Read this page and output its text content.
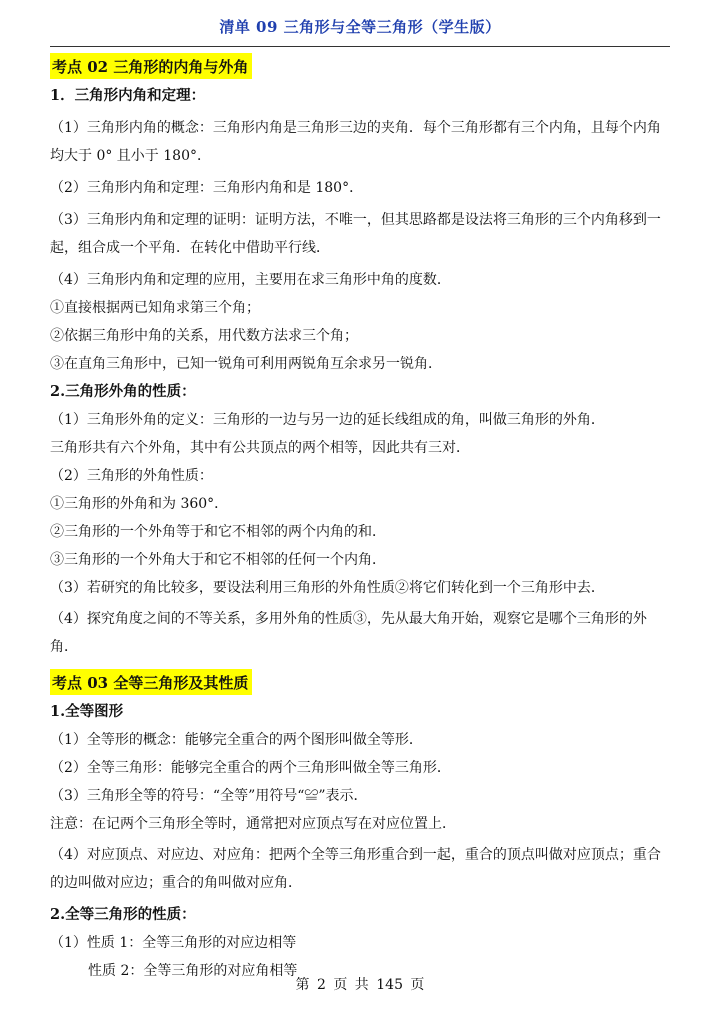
清单 09 三角形与全等三角形（学生版）
考点 02 三角形的内角与外角
1．三角形内角和定理：
（1）三角形内角的概念：三角形内角是三角形三边的夹角．每个三角形都有三个内角，且每个内角均大于 0° 且小于 180°．
（2）三角形内角和定理：三角形内角和是 180°．
（3）三角形内角和定理的证明：证明方法，不唯一，但其思路都是设法将三角形的三个内角移到一起，组合成一个平角．在转化中借助平行线．
（4）三角形内角和定理的应用，主要用在求三角形中角的度数．
①直接根据两已知角求第三个角；
②依据三角形中角的关系，用代数方法求三个角；
③在直角三角形中，已知一锐角可利用两锐角互余求另一锐角．
2.三角形外角的性质：
（1）三角形外角的定义：三角形的一边与另一边的延长线组成的角，叫做三角形的外角．
三角形共有六个外角，其中有公共顶点的两个相等，因此共有三对．
（2）三角形的外角性质：
①三角形的外角和为 360°．
②三角形的一个外角等于和它不相邻的两个内角的和．
③三角形的一个外角大于和它不相邻的任何一个内角．
（3）若研究的角比较多，要设法利用三角形的外角性质②将它们转化到一个三角形中去．
（4）探究角度之间的不等关系，多用外角的性质③，先从最大角开始，观察它是哪个三角形的外角．
考点 03 全等三角形及其性质
1.全等图形
（1）全等形的概念：能够完全重合的两个图形叫做全等形．
（2）全等三角形：能够完全重合的两个三角形叫做全等三角形．
（3）三角形全等的符号：“全等”用符号“≌”表示．
注意：在记两个三角形全等时，通常把对应顶点写在对应位置上．
（4）对应顶点、对应边、对应角：把两个全等三角形重合到一起，重合的顶点叫做对应顶点；重合的边叫做对应边；重合的角叫做对应角．
2.全等三角形的性质：
（1）性质 1：全等三角形的对应边相等
性质 2：全等三角形的对应角相等
第 2 页 共 145 页
